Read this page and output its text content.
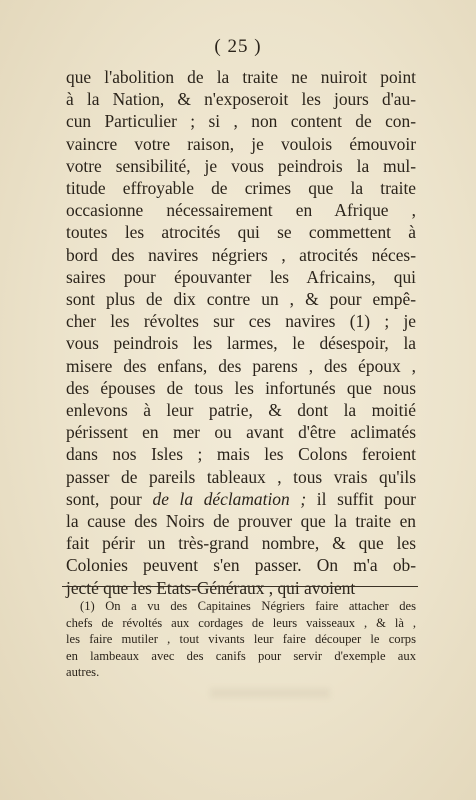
( 25 )
que l'abolition de la traite ne nuiroit point
à la Nation, & n'exposeroit les jours d'au-
cun Particulier ; si , non content de con-
vaincre votre raison, je voulois émouvoir
votre sensibilité, je vous peindrois la mul-
titude effroyable de crimes que la traite
occasionne nécessairement en Afrique ,
toutes les atrocités qui se commettent à
bord des navires négriers , atrocités néces-
saires pour épouvanter les Africains, qui
sont plus de dix contre un , & pour empê-
cher les révoltes sur ces navires (1) ; je
vous peindrois les larmes, le désespoir, la
misere des enfans, des parens , des époux ,
des épouses de tous les infortunés que nous
enlevons à leur patrie, & dont la moitié
périssent en mer ou avant d'être aclimatés
dans nos Isles ; mais les Colons feroient
passer de pareils tableaux , tous vrais qu'ils
sont, pour de la déclamation ; il suffit pour
la cause des Noirs de prouver que la traite en
fait périr un très-grand nombre, & que les
Colonies peuvent s'en passer. On m'a ob-
jecté que les Etats-Généraux , qui avoient
(1) On a vu des Capitaines Négriers faire attacher des
chefs de révoltés aux cordages de leurs vaisseaux , & là ,
les faire mutiler , tout vivants leur faire découper le corps
en lambeaux avec des canifs pour servir d'exemple aux
autres.
